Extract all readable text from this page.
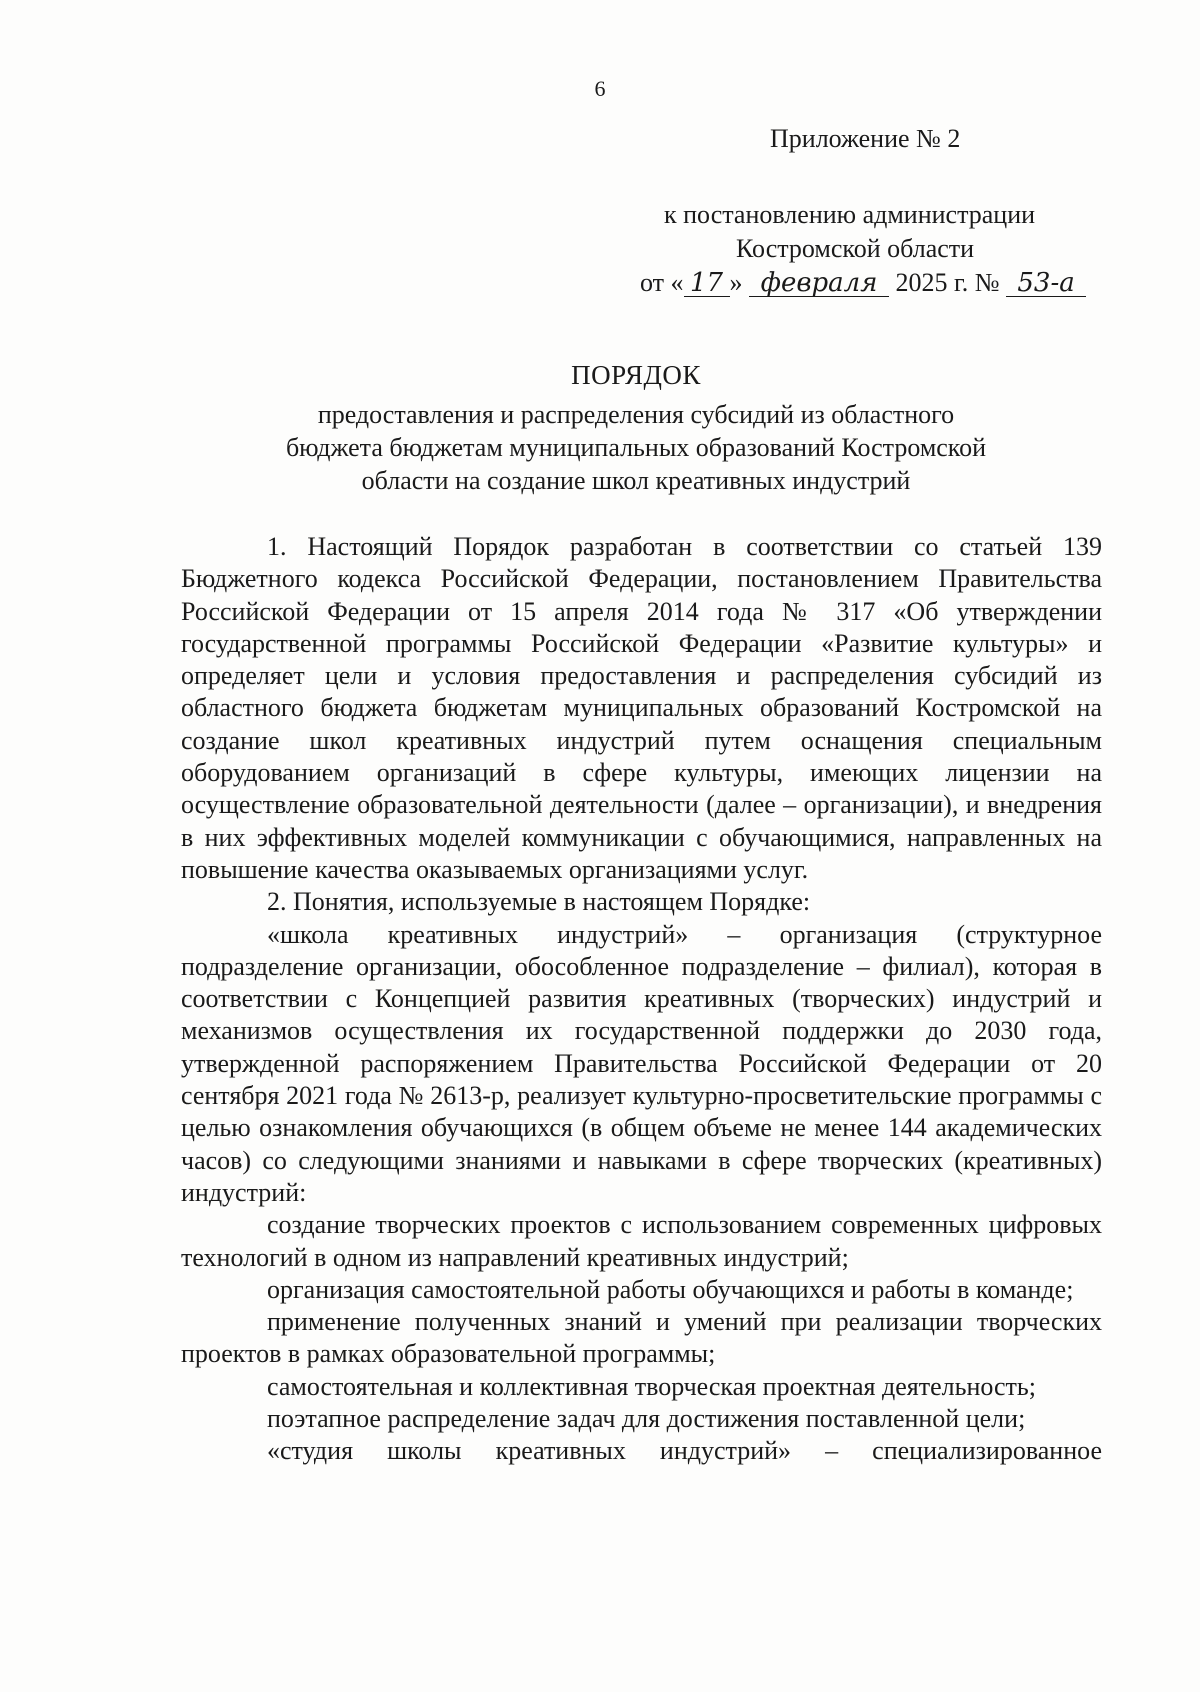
6
Приложение № 2
к постановлению администрации
Костромской области
от « 17 » февраля 2025 г. № 53-а
ПОРЯДОК
предоставления и распределения субсидий из областного
бюджета бюджетам муниципальных образований Костромской
области на создание школ креативных индустрий

1. Настоящий Порядок разработан в соответствии со статьей 139 Бюджетного кодекса Российской Федерации, постановлением Правительства Российской Федерации от 15 апреля 2014 года № 317 «Об утверждении государственной программы Российской Федерации «Развитие культуры» и определяет цели и условия предоставления и распределения субсидий из областного бюджета бюджетам муниципальных образований Костромской на создание школ креативных индустрий путем оснащения специальным оборудованием организаций в сфере культуры, имеющих лицензии на осуществление образовательной деятельности (далее – организации), и внедрения в них эффективных моделей коммуникации с обучающимися, направленных на повышение качества оказываемых организациями услуг.

2. Понятия, используемые в настоящем Порядке:

«школа креативных индустрий» – организация (структурное подразделение организации, обособленное подразделение – филиал), которая в соответствии с Концепцией развития креативных (творческих) индустрий и механизмов осуществления их государственной поддержки до 2030 года, утвержденной распоряжением Правительства Российской Федерации от 20 сентября 2021 года № 2613-р, реализует культурно-просветительские программы с целью ознакомления обучающихся (в общем объеме не менее 144 академических часов) со следующими знаниями и навыками в сфере творческих (креативных) индустрий:

создание творческих проектов с использованием современных цифровых технологий в одном из направлений креативных индустрий;

организация самостоятельной работы обучающихся и работы в команде;

применение полученных знаний и умений при реализации творческих проектов в рамках образовательной программы;

самостоятельная и коллективная творческая проектная деятельность;

поэтапное распределение задач для достижения поставленной цели;

«студия школы креативных индустрий» – специализированное
